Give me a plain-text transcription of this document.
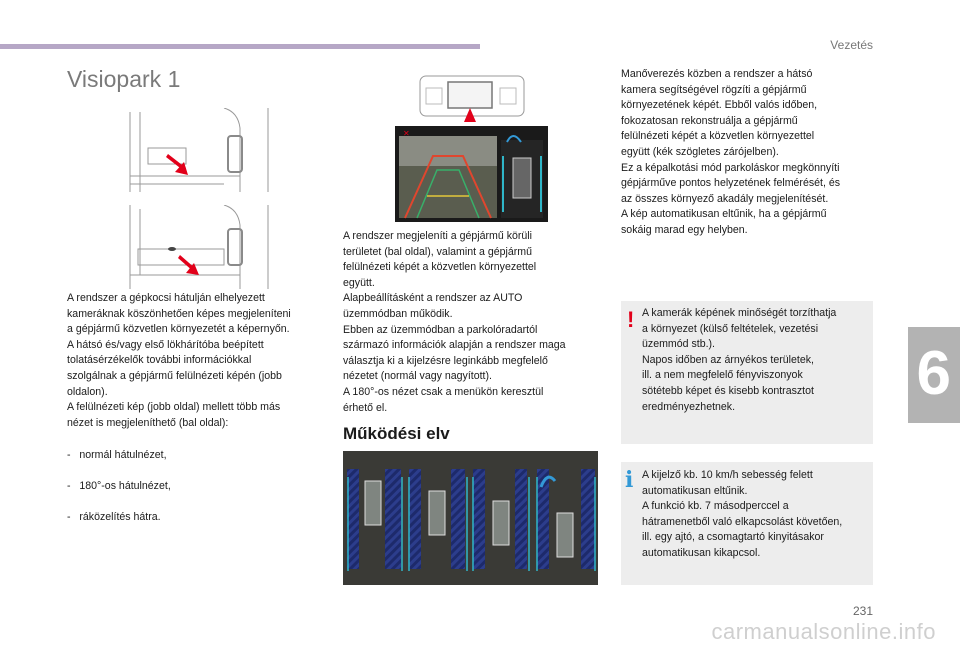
Vezetés
Visiopark 1
A rendszer a gépkocsi hátulján elhelyezett
kameráknak köszönhetően képes megjeleníteni
a gépjármű közvetlen környezetét a képernyőn.
A hátsó és/vagy első lökhárítóba beépített
tolatásérzékelők további információkkal
szolgálnak a gépjármű felülnézeti képén (jobb
oldalon).
A felülnézeti kép (jobb oldal) mellett több más
nézet is megjeleníthető (bal oldal):

-   normál hátulnézet,

-   180°-os hátulnézet,

-   ráközelítés hátra.

✕
A rendszer megjeleníti a gépjármű körüli
területet (bal oldal), valamint a gépjármű
felülnézeti képét a közvetlen környezettel
együtt.
Alapbeállításként a rendszer az AUTO
üzemmódban működik.
Ebben az üzemmódban a parkolóradartól
származó információk alapján a rendszer maga
választja ki a kijelzésre leginkább megfelelő
nézetet (normál vagy nagyított).
A 180°-os nézet csak a menükön keresztül
érhető el.
Működési elv
Manőverezés közben a rendszer a hátsó
kamera segítségével rögzíti a gépjármű
környezetének képét. Ebből valós időben,
fokozatosan rekonstruálja a gépjármű
felülnézeti képét a közvetlen környezettel
együtt (kék szögletes zárójelben).
Ez a képalkotási mód parkoláskor megkönnyíti
gépjárműve pontos helyzetének felmérését, és
az összes környező akadály megjelenítését.
A kép automatikusan eltűnik, ha a gépjármű
sokáig marad egy helyben.
! A kamerák képének minőségét torzíthatja
a környezet (külső feltételek, vezetési
üzemmód stb.).
Napos időben az árnyékos területek,
ill. a nem megfelelő fényviszonyok
sötétebb képet és kisebb kontrasztot
eredményezhetnek.
i A kijelző kb. 10 km/h sebesség felett
automatikusan eltűnik.
A funkció kb. 7 másodperccel a
hátramenetből való elkapcsolást követően,
ill. egy ajtó, a csomagtartó kinyitásakor
automatikusan kikapcsol.
6
231
carmanualsonline.info
